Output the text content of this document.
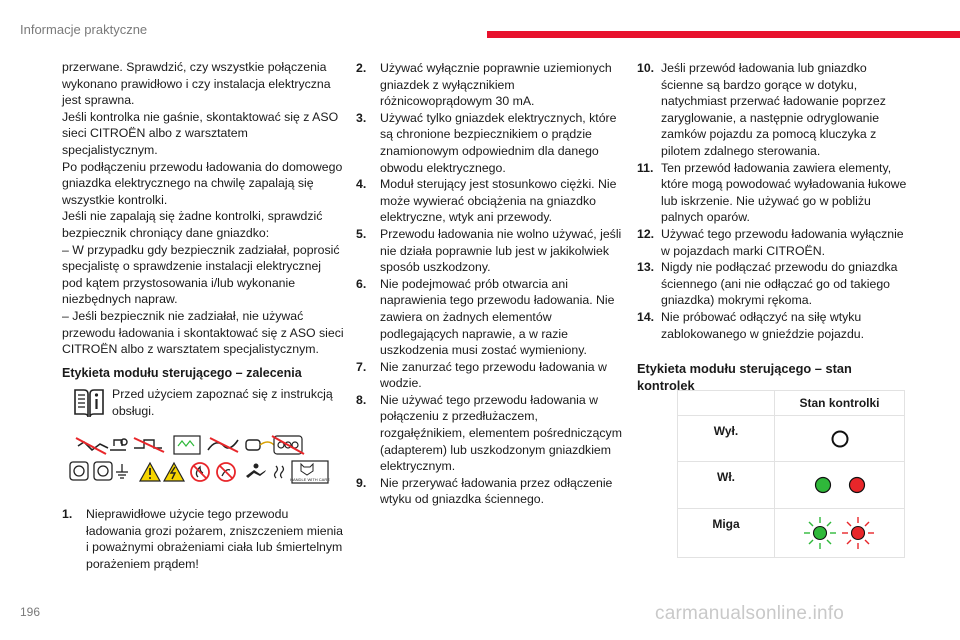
Informacje praktyczne

przerwane. Sprawdzić, czy wszystkie połączenia wykonano prawidłowo i czy instalacja elektryczna jest sprawna.

Jeśli kontrolka nie gaśnie, skontaktować się z ASO sieci CITROËN albo z warsztatem specjalistycznym.

Po podłączeniu przewodu ładowania do domowego gniazdka elektrycznego na chwilę zapalają się wszystkie kontrolki.

Jeśli nie zapalają się żadne kontrolki, sprawdzić bezpiecznik chroniący dane gniazdko:

– W przypadku gdy bezpiecznik zadziałał, poprosić specjalistę o sprawdzenie instalacji elektrycznej pod kątem przystosowania i/lub wykonanie niezbędnych napraw.

– Jeśli bezpiecznik nie zadziałał, nie używać przewodu ładowania i skontaktować się z ASO sieci CITROËN albo z warsztatem specjalistycznym.

Etykieta modułu sterującego – zalecenia
Przed użyciem zapoznać się z instrukcją obsługi.
HANDLE WITH CARE
1.	Nieprawidłowe użycie tego przewodu ładowania grozi pożarem, zniszczeniem mienia i poważnymi obrażeniami ciała lub śmiertelnym porażeniem prądem!
2.	Używać wyłącznie poprawnie uziemionych gniazdek z wyłącznikiem różnicowoprądowym 30 mA.
3.	Używać tylko gniazdek elektrycznych, które są chronione bezpiecznikiem o prądzie znamionowym odpowiednim dla danego obwodu elektrycznego.
4.	Moduł sterujący jest stosunkowo ciężki. Nie może wywierać obciążenia na gniazdko elektryczne, wtyk ani przewody.
5.	Przewodu ładowania nie wolno używać, jeśli nie działa poprawnie lub jest w jakikolwiek sposób uszkodzony.
6.	Nie podejmować prób otwarcia ani naprawienia tego przewodu ładowania. Nie zawiera on żadnych elementów podlegających naprawie, a w razie uszkodzenia musi zostać wymieniony.
7.	Nie zanurzać tego przewodu ładowania w wodzie.
8.	Nie używać tego przewodu ładowania w połączeniu z przedłużaczem, rozgałęźnikiem, elementem pośredniczącym (adapterem) lub uszkodzonym gniazdkiem elektrycznym.
9.	Nie przerywać ładowania przez odłączenie wtyku od gniazdka ściennego.
10. Jeśli przewód ładowania lub gniazdko ścienne są bardzo gorące w dotyku, natychmiast przerwać ładowanie poprzez zaryglowanie, a następnie odryglowanie zamków pojazdu za pomocą kluczyka z pilotem zdalnego sterowania.
11. Ten przewód ładowania zawiera elementy, które mogą powodować wyładowania łukowe lub iskrzenie. Nie używać go w pobliżu palnych oparów.
12. Używać tego przewodu ładowania wyłącznie w pojazdach marki CITROËN.
13. Nigdy nie podłączać przewodu do gniazdka ściennego (ani nie odłączać go od takiego gniazdka) mokrymi rękoma.
14. Nie próbować odłączyć na siłę wtyku zablokowanego w gnieździe pojazdu.
Etykieta modułu sterującego – stan kontrolek
Stan kontrolki
Wył.
Wł.
Miga
196	carmanualsonline.info
